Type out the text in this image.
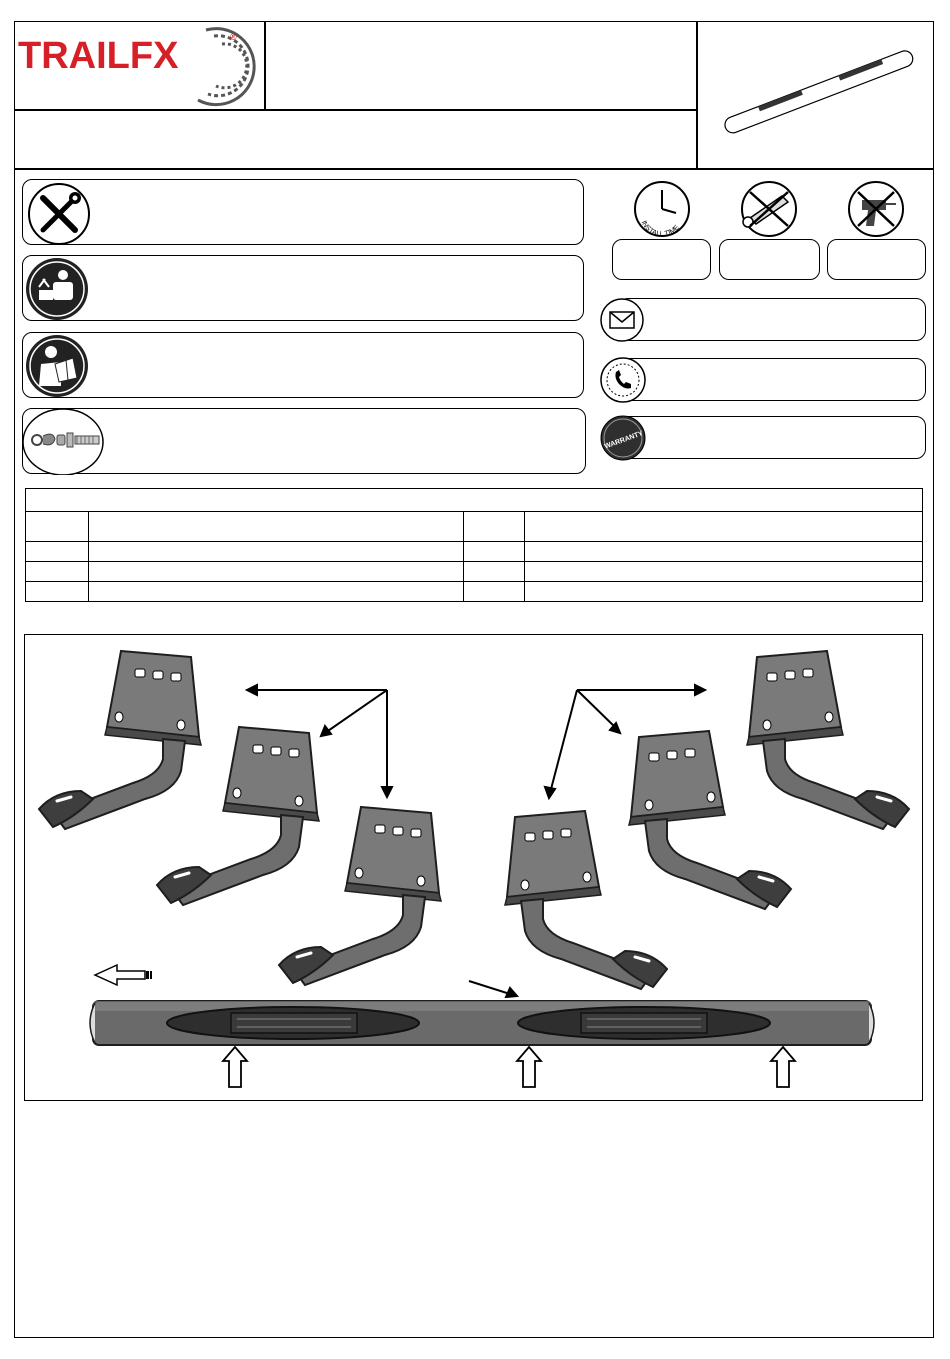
TRAILFX	®
INSTALL TIME
WARRANTY
